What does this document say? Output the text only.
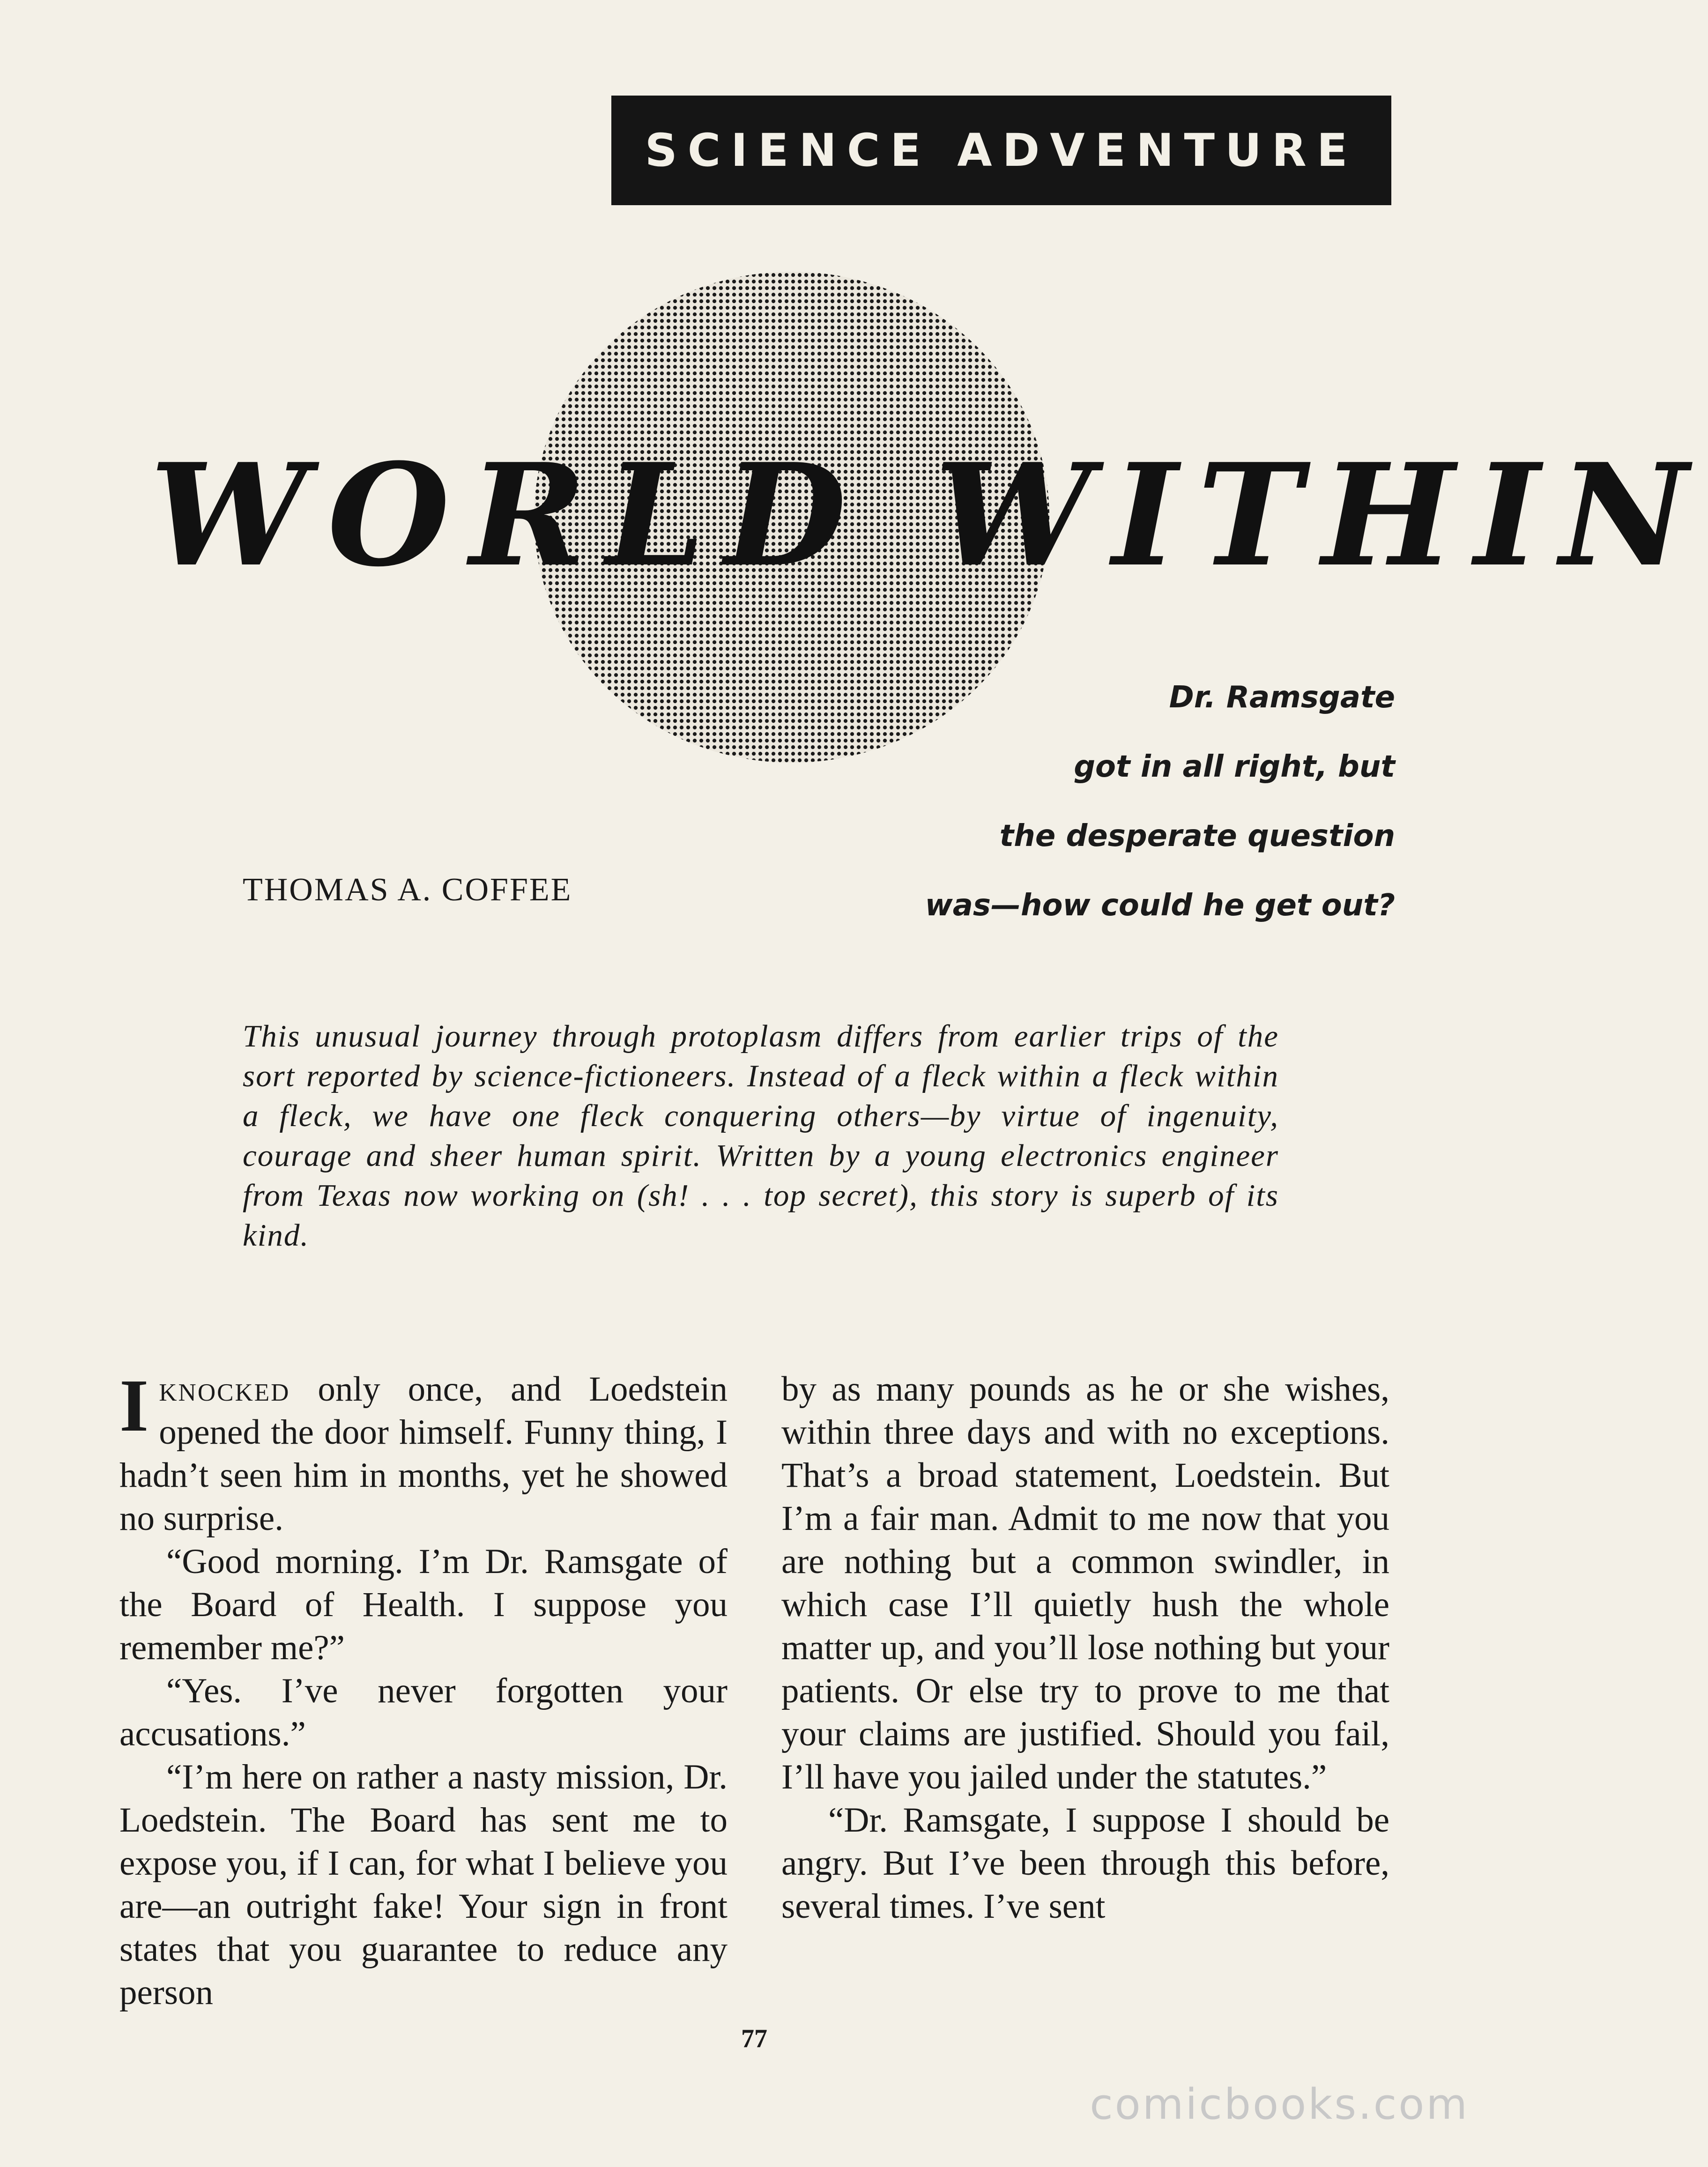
SCIENCE ADVENTURE
WORLD WITHIN
Dr. Ramsgate
got in all right, but
the desperate question
was—how could he get out?
THOMAS A. COFFEE

This unusual journey through protoplasm differs from earlier trips of the sort reported by science-fictioneers. Instead of a fleck within a fleck within a fleck, we have one fleck conquering others—by virtue of ingenuity, courage and sheer human spirit. Written by a young electronics engineer from Texas now working on (sh! . . . top secret), this story is superb of its kind.

Iknocked only once, and Loedstein opened the door himself. Funny thing, I hadn’t seen him in months, yet he showed no surprise.

“Good morning. I’m Dr. Ramsgate of the Board of Health. I suppose you remember me?”

“Yes. I’ve never forgotten your accusations.”

“I’m here on rather a nasty mission, Dr. Loedstein. The Board has sent me to expose you, if I can, for what I believe you are—an outright fake! Your sign in front states that you guarantee to reduce any person

by as many pounds as he or she wishes, within three days and with no exceptions. That’s a broad statement, Loedstein. But I’m a fair man. Admit to me now that you are nothing but a common swindler, in which case I’ll quietly hush the whole matter up, and you’ll lose nothing but your patients. Or else try to prove to me that your claims are justified. Should you fail, I’ll have you jailed under the statutes.”

“Dr. Ramsgate, I suppose I should be angry. But I’ve been through this before, several times. I’ve sent

77
comicbooks.com
